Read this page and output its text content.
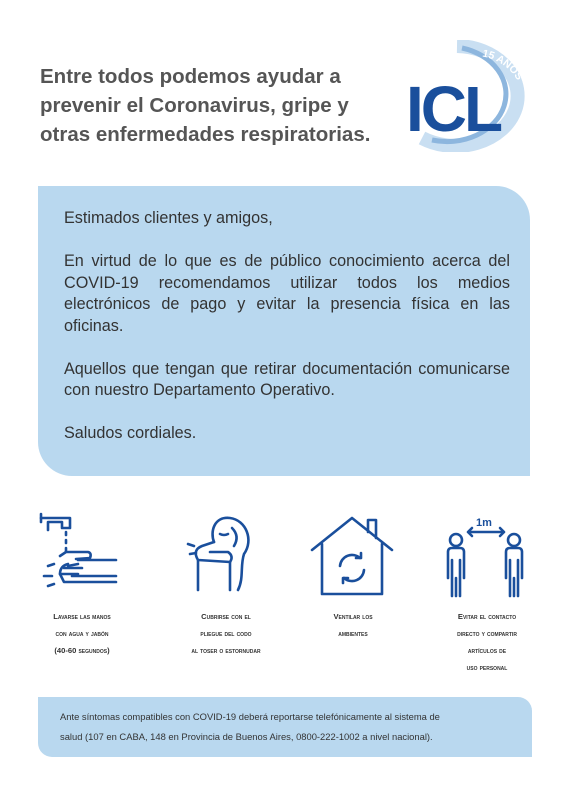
Entre todos podemos ayudar a
prevenir el Coronavirus, gripe y
otras enfermedades respiratorias. ICL
15 AÑOS

Estimados clientes y amigos,

En virtud de lo que es de público conocimiento acerca del COVID-19 recomendamos utilizar todos los medios electrónicos de pago y evitar la presencia física en las oficinas.

Aquellos que tengan que retirar documentación comunicarse con nuestro Departamento Operativo.

Saludos cordiales.

1m
Lavarse las manos
con agua y jabón
(40-60 segundos)
Cubrirse con el
pliegue del codo
al toser o estornudar
Ventilar los
ambientes
Evitar el contacto
directo y compartir
artículos de
uso personal
Ante síntomas compatibles con COVID-19 deberá reportarse telefónicamente al sistema de
salud (107 en CABA, 148 en Provincia de Buenos Aires, 0800-222-1002 a nivel nacional).
